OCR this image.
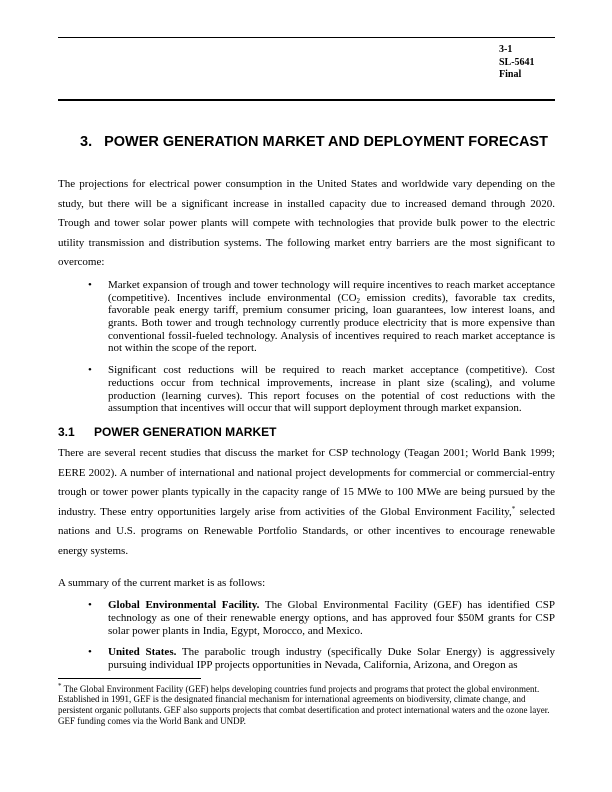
3-1
SL-5641
Final
3. POWER GENERATION MARKET AND DEPLOYMENT FORECAST

The projections for electrical power consumption in the United States and worldwide vary depending on the study, but there will be a significant increase in installed capacity due to increased demand through 2020. Trough and tower solar power plants will compete with technologies that provide bulk power to the electric utility transmission and distribution systems. The following market entry barriers are the most significant to overcome:

• Market expansion of trough and tower technology will require incentives to reach market acceptance (competitive). Incentives include environmental ($CO_2$ emission credits), favorable tax credits, favorable peak energy tariff, premium consumer pricing, loan guarantees, low interest loans, and grants. Both tower and trough technology currently produce electricity that is more expensive than conventional fossil-fueled technology. Analysis of incentives required to reach market acceptance is not within the scope of the report.
• Significant cost reductions will be required to reach market acceptance (competitive). Cost reductions occur from technical improvements, increase in plant size (scaling), and volume production (learning curves). This report focuses on the potential of cost reductions with the assumption that incentives will occur that will support deployment through market expansion.
3.1 POWER GENERATION MARKET

There are several recent studies that discuss the market for CSP technology (Teagan 2001; World Bank 1999; EERE 2002). A number of international and national project developments for commercial or commercial-entry trough or tower power plants typically in the capacity range of 15 MWe to 100 MWe are being pursued by the industry. These entry opportunities largely arise from activities of the Global Environment Facility,* selected nations and U.S. programs on Renewable Portfolio Standards, or other incentives to encourage renewable energy systems.

A summary of the current market is as follows:

• Global Environmental Facility. The Global Environmental Facility (GEF) has identified CSP technology as one of their renewable energy options, and has approved four $50M grants for CSP solar power plants in India, Egypt, Morocco, and Mexico.
• United States. The parabolic trough industry (specifically Duke Solar Energy) is aggressively pursuing individual IPP projects opportunities in Nevada, California, Arizona, and Oregon as
* The Global Environment Facility (GEF) helps developing countries fund projects and programs that protect the global environment. Established in 1991, GEF is the designated financial mechanism for international agreements on biodiversity, climate change, and persistent organic pollutants. GEF also supports projects that combat desertification and protect international waters and the ozone layer. GEF funding comes via the World Bank and UNDP.
